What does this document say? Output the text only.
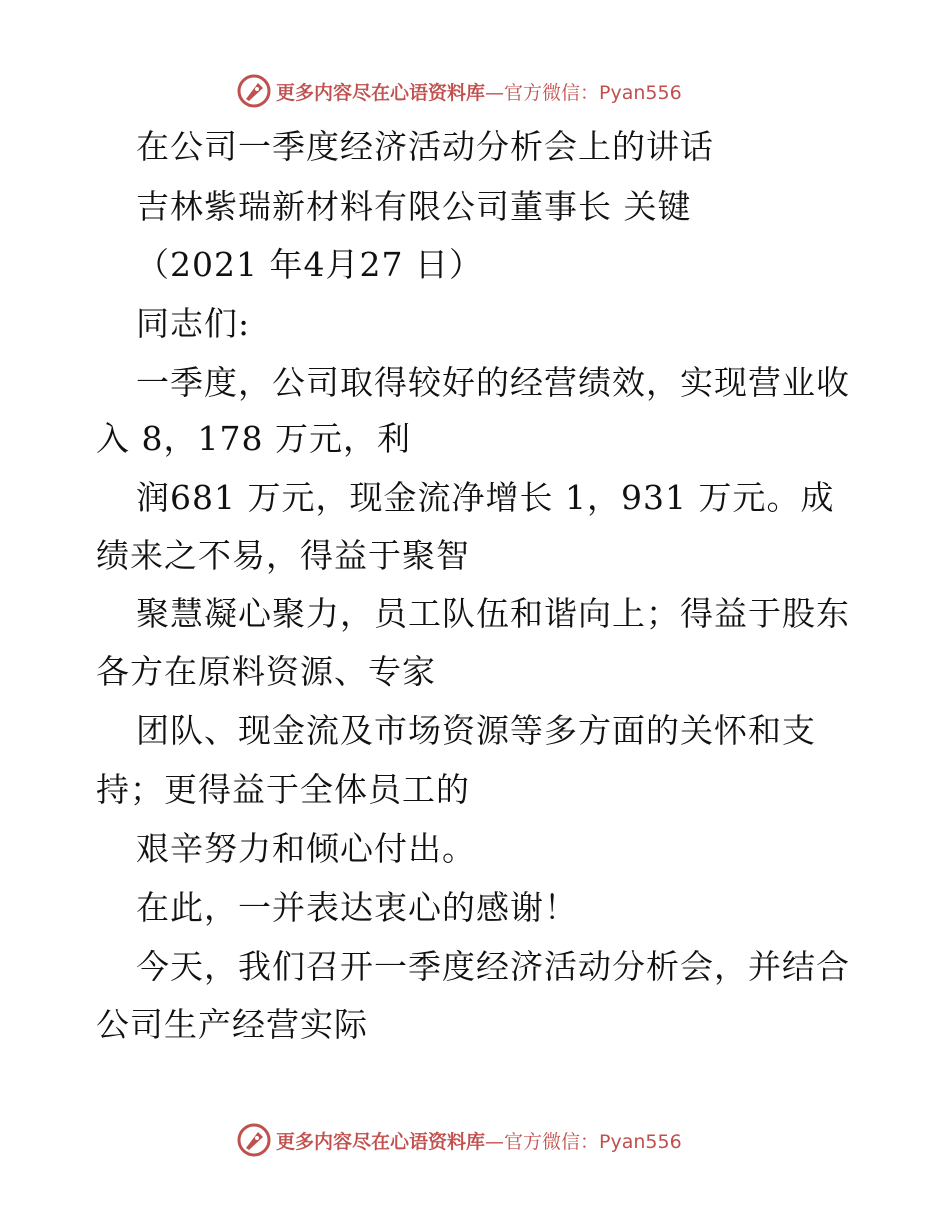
更多内容尽在心语资料库—官方微信：Pyan556
在公司一季度经济活动分析会上的讲话
吉林紫瑞新材料有限公司董事长 关键
（2021 年4月27 日）
同志们:
一季度，公司取得较好的经营绩效，实现营业收
入 8，178 万元，利
润681 万元，现金流净增长 1，931 万元。成
绩来之不易，得益于聚智
聚慧凝心聚力，员工队伍和谐向上；得益于股东
各方在原料资源、专家
团队、现金流及市场资源等多方面的关怀和支
持；更得益于全体员工的
艰辛努力和倾心付出。
在此，一并表达衷心的感谢！
今天，我们召开一季度经济活动分析会，并结合
公司生产经营实际
更多内容尽在心语资料库—官方微信：Pyan556
